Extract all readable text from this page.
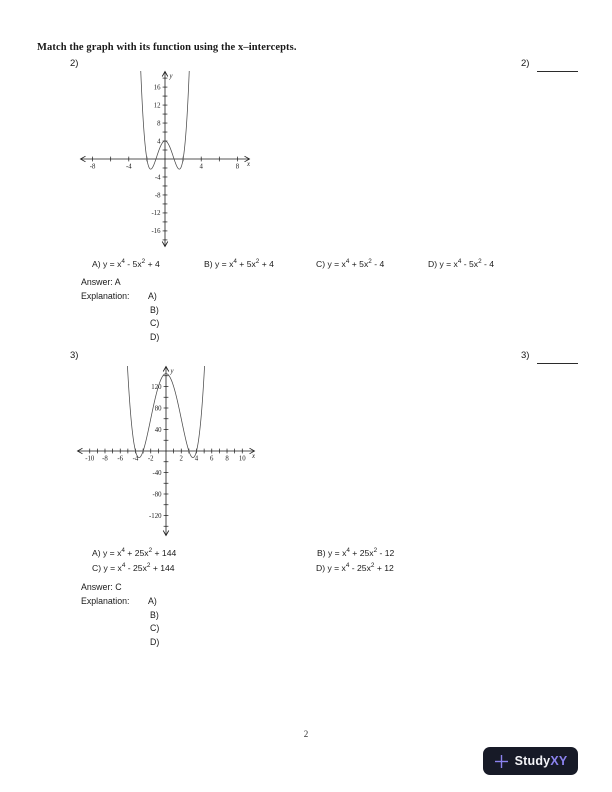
Match the graph with its function using the x–intercepts.
2)	2)
-8	-4	4	8
-16
-12
-8
-4
4
8
12
16
x
y
A) $y = x^4 - 5x^2 + 4$	B) $y = x^4 + 5x^2 + 4$	C) $y = x^4 + 5x^2 - 4$	D) $y = x^4 - 5x^2 - 4$
Answer: A
Explanation: A)
B)
C)
D)
3)	3)
-10 -8 -6 -4 -2	2 4 6 8 10
-120
-80
-40
40
80
120
x
y
A) $y = x^4 + 25x^2 + 144$	B) $y = x^4 + 25x^2 - 12$
C) $y = x^4 - 25x^2 + 144$	D) $y = x^4 - 25x^2 + 12$
Answer: C
Explanation: A)
B)
C)
D)
2
StudyXY
